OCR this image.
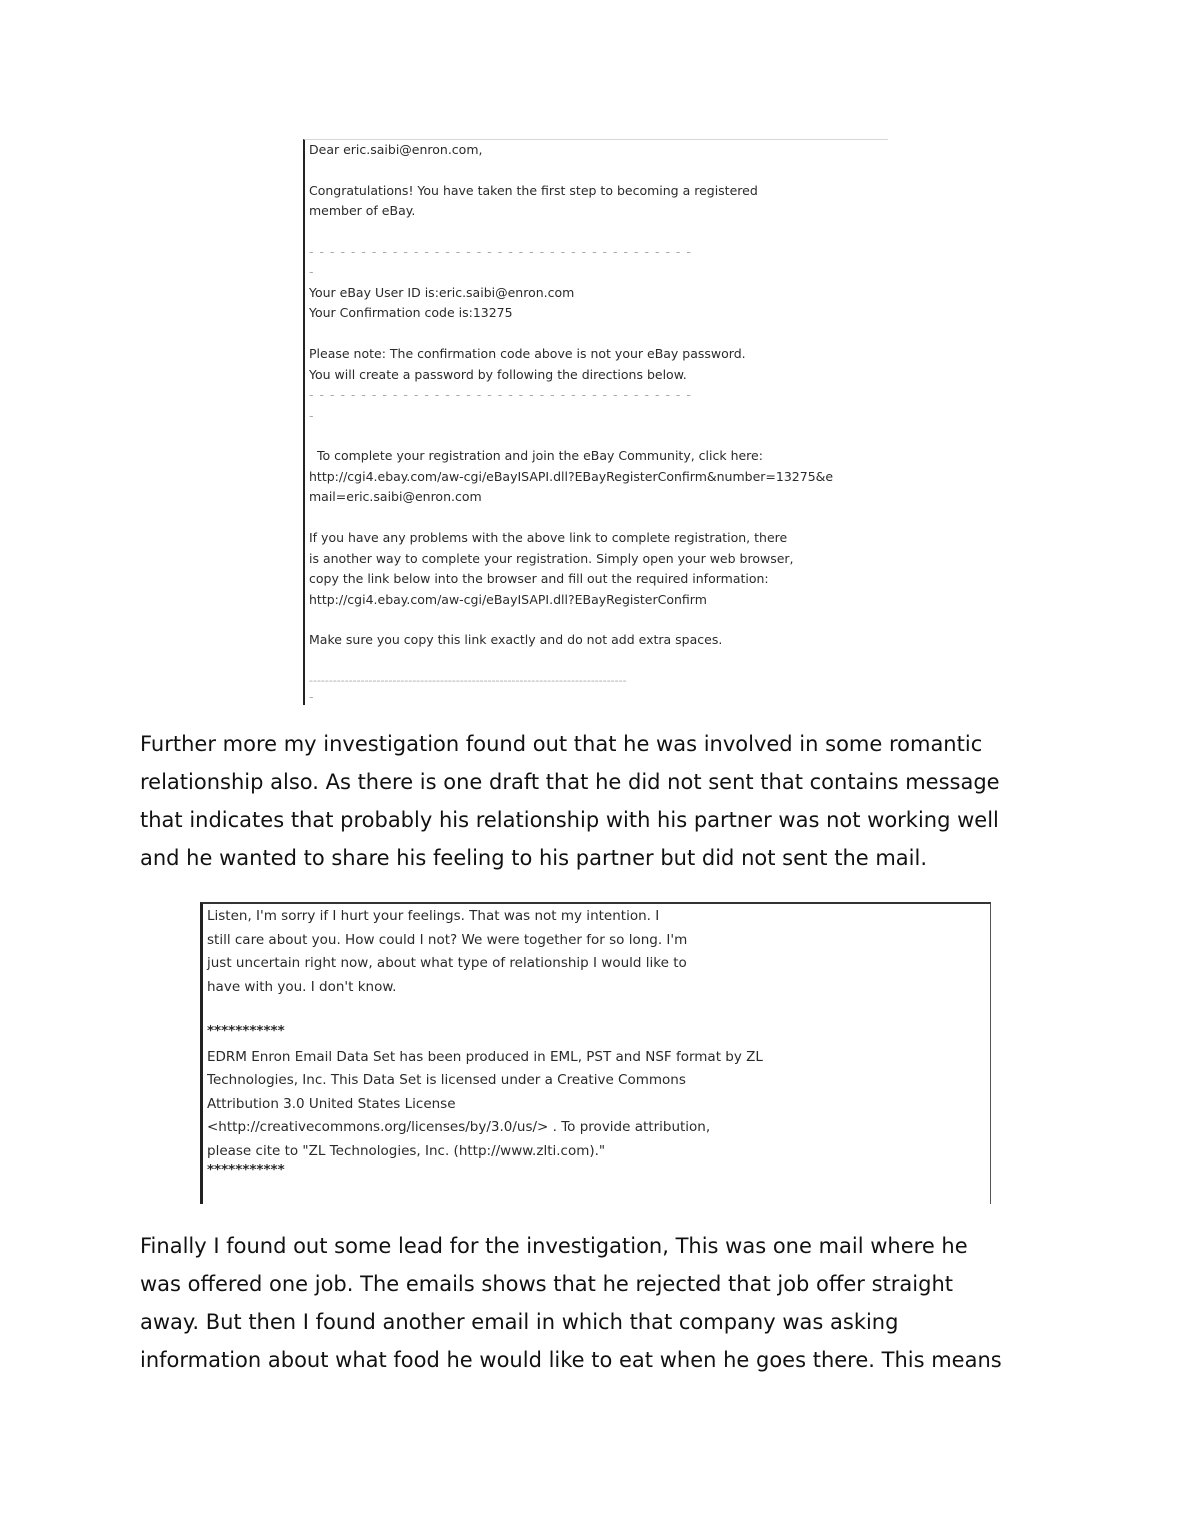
Dear eric.saibi@enron.com,
Congratulations! You have taken the first step to becoming a registered
member of eBay.
- - - - - - - - - - - - - - - - - - - - - - - - - - - - - - - - - - - - -
-
Your eBay User ID is:eric.saibi@enron.com
Your Confirmation code is:13275
Please note: The confirmation code above is not your eBay password.
You will create a password by following the directions below.
- - - - - - - - - - - - - - - - - - - - - - - - - - - - - - - - - - - - -
-
To complete your registration and join the eBay Community, click here:
http://cgi4.ebay.com/aw-cgi/eBayISAPI.dll?EBayRegisterConfirm&number=13275&e
mail=eric.saibi@enron.com
If you have any problems with the above link to complete registration, there
is another way to complete your registration. Simply open your web browser,
copy the link below into the browser and fill out the required information:
http://cgi4.ebay.com/aw-cgi/eBayISAPI.dll?EBayRegisterConfirm
Make sure you copy this link exactly and do not add extra spaces.
--------------------------------------------------------------------------------
-

Further more my investigation found out that he was involved in some romantic
relationship also. As there is one draft that he did not sent that contains message
that indicates that probably his relationship with his partner was not working well
and he wanted to share his feeling to his partner but did not sent the mail.

Listen, I'm sorry if I hurt your feelings. That was not my intention. I
still care about you. How could I not? We were together for so long. I'm
just uncertain right now, about what type of relationship I would like to
have with you. I don't know.
***********
EDRM Enron Email Data Set has been produced in EML, PST and NSF format by ZL
Technologies, Inc. This Data Set is licensed under a Creative Commons
Attribution 3.0 United States License
<http://creativecommons.org/licenses/by/3.0/us/> . To provide attribution,
please cite to "ZL Technologies, Inc. (http://www.zlti.com)."
***********

Finally I found out some lead for the investigation, This was one mail where he
was offered one job. The emails shows that he rejected that job offer straight
away. But then I found another email in which that company was asking
information about what food he would like to eat when he goes there. This means
